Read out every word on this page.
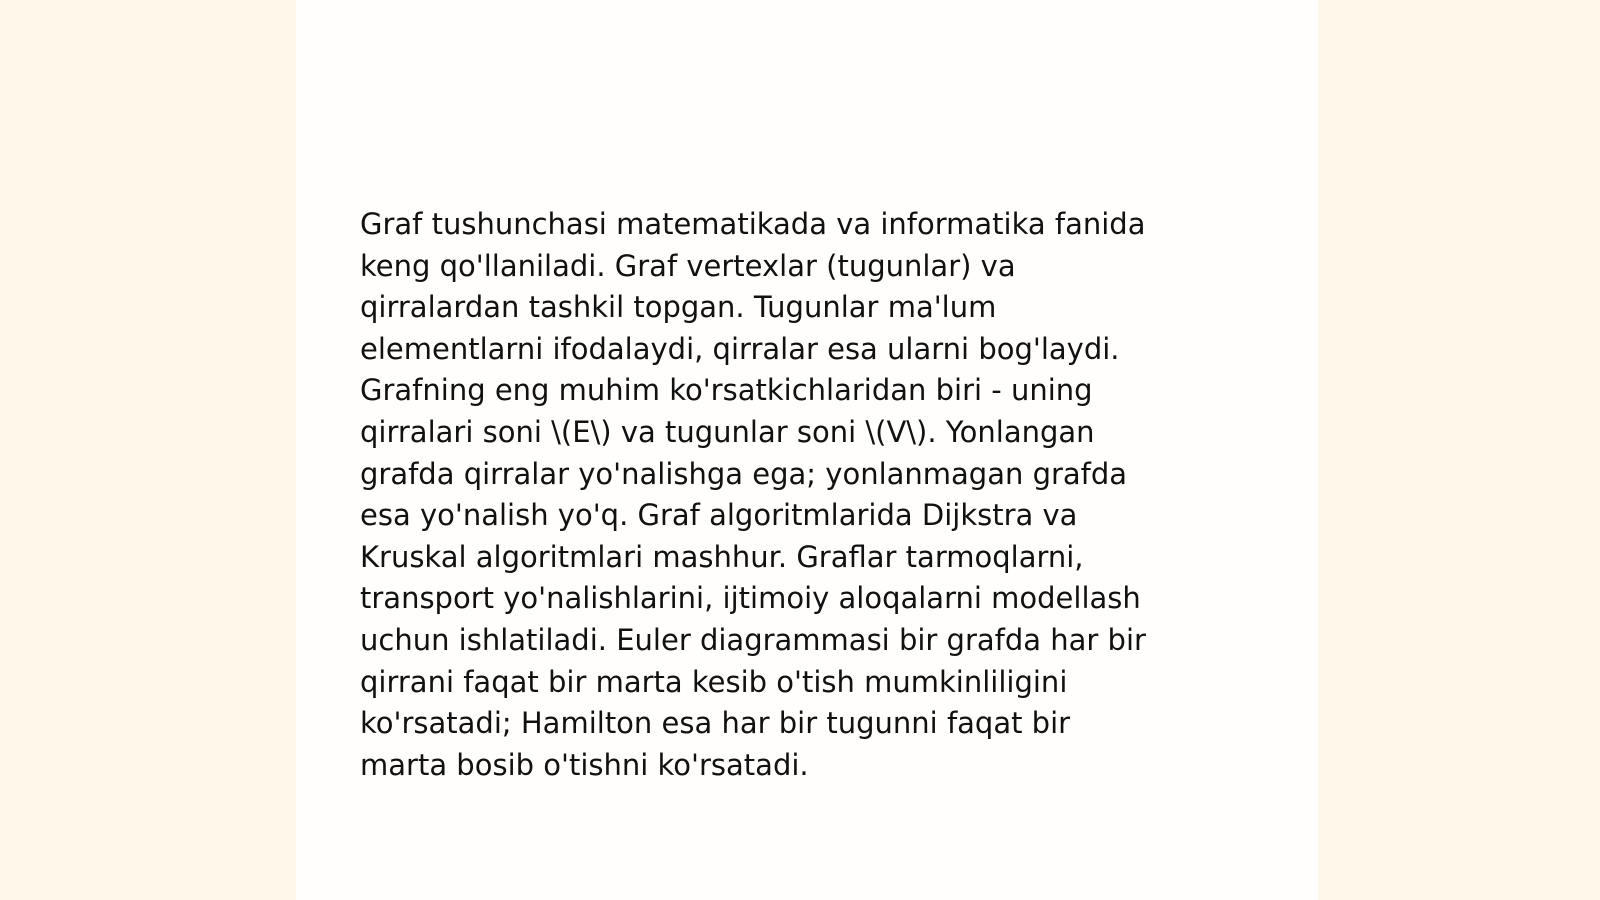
Graf tushunchasi matematikada va informatika fanida
keng qo'llaniladi. Graf vertexlar (tugunlar) va
qirralardan tashkil topgan. Tugunlar ma'lum
elementlarni ifodalaydi, qirralar esa ularni bog'laydi.
Grafning eng muhim ko'rsatkichlaridan biri - uning
qirralari soni \(E\) va tugunlar soni \(V\). Yonlangan
grafda qirralar yo'nalishga ega; yonlanmagan grafda
esa yo'nalish yo'q. Graf algoritmlarida Dijkstra va
Kruskal algoritmlari mashhur. Graflar tarmoqlarni,
transport yo'nalishlarini, ijtimoiy aloqalarni modellash
uchun ishlatiladi. Euler diagrammasi bir grafda har bir
qirrani faqat bir marta kesib o'tish mumkinliligini
ko'rsatadi; Hamilton esa har bir tugunni faqat bir
marta bosib o'tishni ko'rsatadi.
